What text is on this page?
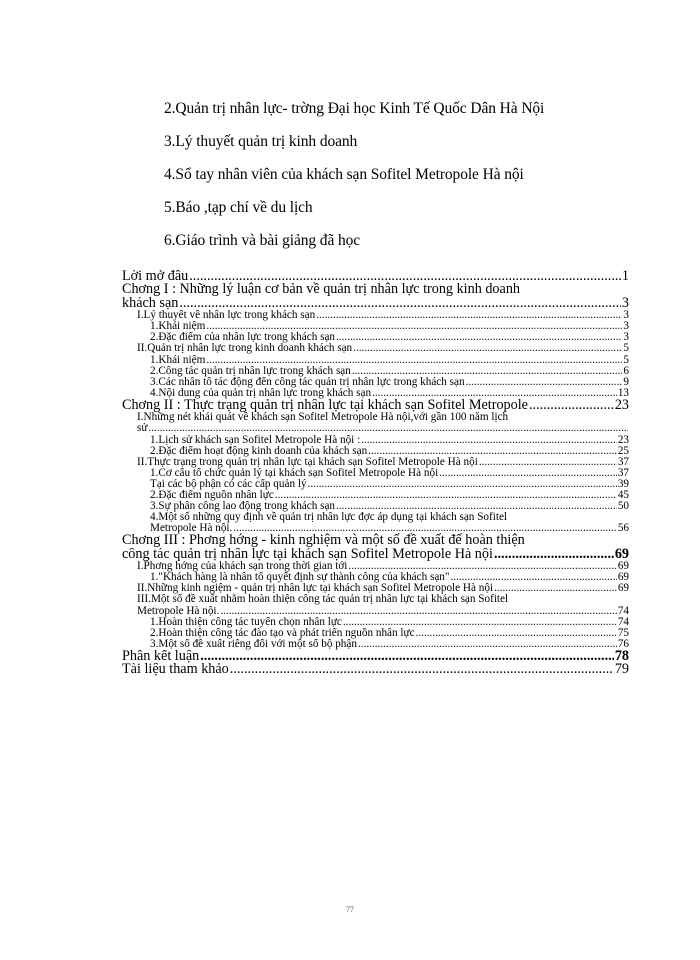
2.Quản trị nhân lực- trờng Đại học Kinh Tế Quốc Dân Hà Nội
3.Lý thuyết quản trị kinh doanh
4.Sổ tay nhân viên của khách sạn Sofitel Metropole Hà nội
5.Báo ,tạp chí về du lịch
6.Giáo trình và bài giảng đã học
Lời mở đầu .....	1
Chơng I : Những lý luận cơ bản về quản trị nhân lực trong kinh doanh
khách sạn .....	3
I.Lý thuyết về nhân lực trong khách sạn .....	3
1.Khái niệm .....	3
2.Đặc điểm của nhân lực trong khách sạn .....	3
II.Quản trị nhân lực trong kinh doanh khách sạn .....	5
1.Khái niệm .....	5
2.Công tác quản trị nhân lực trong khách sạn .....	6
3.Các nhân tố tác động đến công tác quản trị nhân lực trong khách sạn .....	9
4.Nội dung của quản trị nhân lực trong khách sạn .....	13
Chơng II : Thực trạng quản trị nhân lực tại khách sạn Sofitel Metropole .....	23
I.Những nét khái quát về khách sạn Sofitel Metropole Hà nội,với gần 100 năm lịch
sử
.....
1.Lịch sử khách sạn Sofitel Metropole Hà nội : .....	23
2.Đặc điểm hoạt động kinh doanh của khách sạn .....	25
II.Thực trạng trong quản trị nhân lực tại khách sạn Sofitel Metropole Hà nội .....	37
1.Cơ cấu tổ chức quản lý tại khách sạn Sofitel Metropole Hà nội .....	37
Tại các bộ phận có các cấp quản lý .....	39
2.Đặc điểm nguồn nhân lực .....	45
3.Sự phân công lao động trong khách sạn .....	50
4.Một số những quy định về quản trị nhân lực đợc áp dụng tại khách sạn Sofitel
Metropole Hà nội. .....	56
Chơng III : Phơng hớng - kinh nghiệm và một số đề xuất để hoàn thiện
công tác quản trị nhân lực tại khách sạn Sofitel Metropole Hà nội .....	69
I.Phơng hớng của khách sạn trong thời gian tới .....	69
1."Khách hàng là nhân tố quyết định sự thành công của khách sạn" .....	69
II.Những kinh ngiệm - quản trị nhân lực tại khách sạn Sofitel Metropole Hà nội .....	69
III.Một số đề xuất nhằm hoàn thiện công tác quản trị nhân lực tại khách sạn Sofitel
Metropole Hà nội. .....	74
1.Hoàn thiện công tác tuyển chọn nhân lực .....	74
2.Hoàn thiện công tác đào tạo và phát triển nguồn nhân lực .....	75
3.Một số đề xuất riêng đối với một số bộ phận .....	76
Phần kết luận .....	78
Tài liệu tham khảo .....	79
77
